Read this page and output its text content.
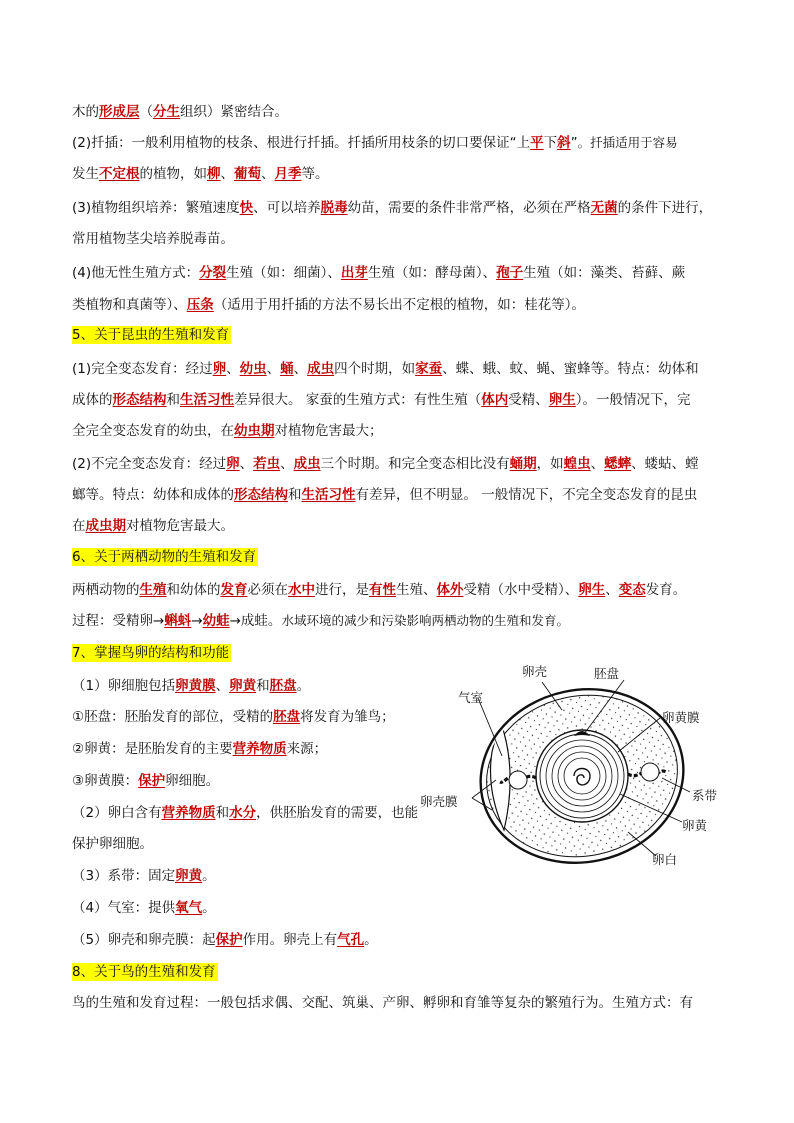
木的形成层（分生组织）紧密结合。
(2)扦插：一般利用植物的枝条、根进行扦插。扦插所用枝条的切口要保证“上平下斜”。扦插适用于容易
发生不定根的植物，如柳、葡萄、月季等。
(3)植物组织培养：繁殖速度快、可以培养脱毒幼苗，需要的条件非常严格，必须在严格无菌的条件下进行，
常用植物茎尖培养脱毒苗。
(4)他无性生殖方式：分裂生殖（如：细菌）、出芽生殖（如：酵母菌）、孢子生殖（如：藻类、苔藓、蕨
类植物和真菌等）、压条（适用于用扦插的方法不易长出不定根的植物，如：桂花等）。
5、关于昆虫的生殖和发育
(1)完全变态发育：经过卵、幼虫、蛹、成虫四个时期，如家蚕、蝶、蛾、蚊、蝇、蜜蜂等。特点：幼体和
成体的形态结构和生活习性差异很大。 家蚕的生殖方式：有性生殖（体内受精、卵生）。一般情况下，完
全完全变态发育的幼虫，在幼虫期对植物危害最大；
(2)不完全变态发育：经过卵、若虫、成虫三个时期。和完全变态相比没有蛹期，如蝗虫、蟋蟀、蝼蛄、螳
螂等。特点：幼体和成体的形态结构和生活习性有差异，但不明显。 一般情况下，不完全变态发育的昆虫
在成虫期对植物危害最大。
6、关于两栖动物的生殖和发育
两栖动物的生殖和幼体的发育必须在水中进行，是有性生殖、体外受精（水中受精）、卵生、变态发育。
过程：受精卵→蝌蚪→幼蛙→成蛙。水域环境的减少和污染影响两栖动物的生殖和发育。
7、掌握鸟卵的结构和功能
（1）卵细胞包括卵黄膜、卵黄和胚盘。
①胚盘：胚胎发育的部位，受精的胚盘将发育为雏鸟；
②卵黄：是胚胎发育的主要营养物质来源；
③卵黄膜：保护卵细胞。
（2）卵白含有营养物质和水分，供胚胎发育的需要，也能
保护卵细胞。
（3）系带：固定卵黄。
（4）气室：提供氧气。
（5）卵壳和卵壳膜：起保护作用。卵壳上有气孔。
8、关于鸟的生殖和发育
鸟的生殖和发育过程：一般包括求偶、交配、筑巢、产卵、孵卵和育雏等复杂的繁殖行为。生殖方式：有
卵壳	胚盘
气室
卵黄膜
卵壳膜	系带
卵黄
卵白
